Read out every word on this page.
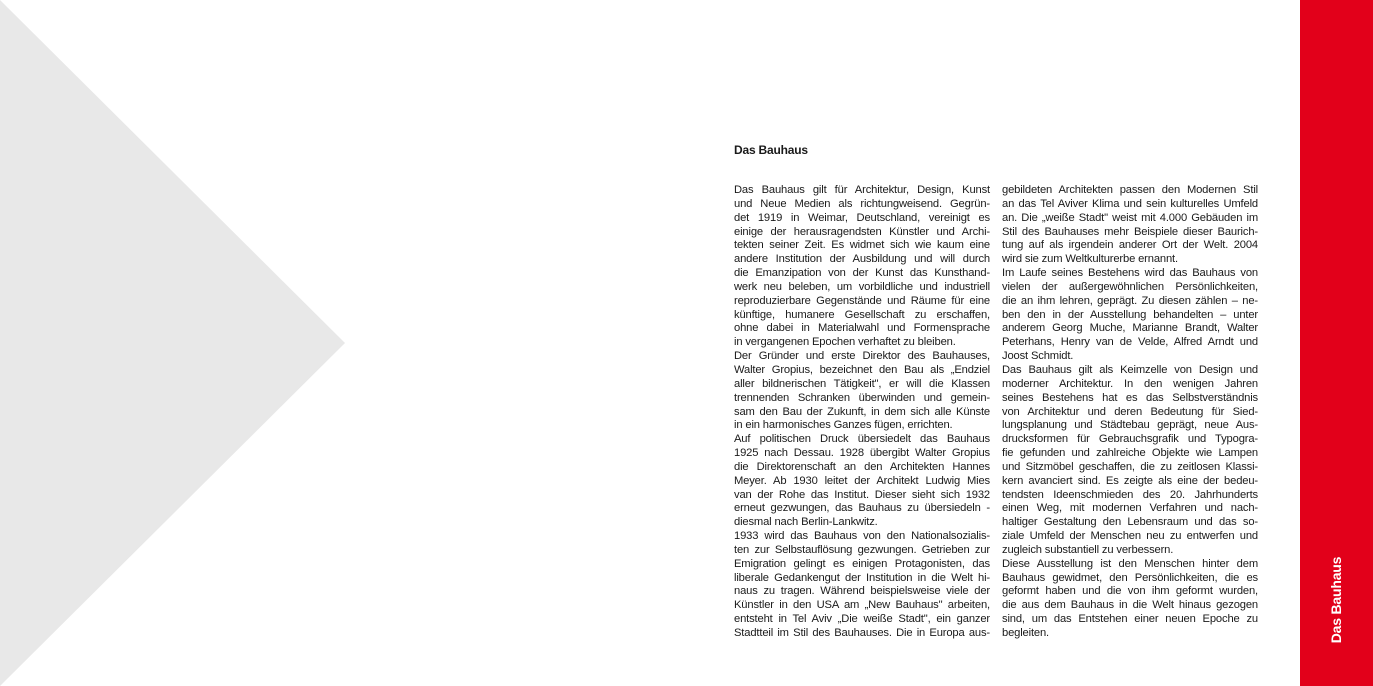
Das Bauhaus
Das Bauhaus gilt für Architektur, Design, Kunst
und Neue Medien als richtungweisend. Gegrün-
det 1919 in Weimar, Deutschland, vereinigt es
einige der herausragendsten Künstler und Archi-
tekten seiner Zeit. Es widmet sich wie kaum eine
andere Institution der Ausbildung und will durch
die Emanzipation von der Kunst das Kunsthand-
werk neu beleben, um vorbildliche und industriell
reproduzierbare Gegenstände und Räume für eine
künftige, humanere Gesellschaft zu erschaffen,
ohne dabei in Materialwahl und Formensprache
in vergangenen Epochen verhaftet zu bleiben.
Der Gründer und erste Direktor des Bauhauses,
Walter Gropius, bezeichnet den Bau als „Endziel
aller bildnerischen Tätigkeit", er will die Klassen
trennenden Schranken überwinden und gemein-
sam den Bau der Zukunft, in dem sich alle Künste
in ein harmonisches Ganzes fügen, errichten.
Auf politischen Druck übersiedelt das Bauhaus
1925 nach Dessau. 1928 übergibt Walter Gropius
die Direktorenschaft an den Architekten Hannes
Meyer. Ab 1930 leitet der Architekt Ludwig Mies
van der Rohe das Institut. Dieser sieht sich 1932
erneut gezwungen, das Bauhaus zu übersiedeln -
diesmal nach Berlin-Lankwitz.
1933 wird das Bauhaus von den Nationalsozialis-
ten zur Selbstauflösung gezwungen. Getrieben zur
Emigration gelingt es einigen Protagonisten, das
liberale Gedankengut der Institution in die Welt hi-
naus zu tragen. Während beispielsweise viele der
Künstler in den USA am „New Bauhaus" arbeiten,
entsteht in Tel Aviv „Die weiße Stadt", ein ganzer
Stadtteil im Stil des Bauhauses. Die in Europa aus-
gebildeten Architekten passen den Modernen Stil
an das Tel Aviver Klima und sein kulturelles Umfeld
an. Die „weiße Stadt" weist mit 4.000 Gebäuden im
Stil des Bauhauses mehr Beispiele dieser Baurich-
tung auf als irgendein anderer Ort der Welt. 2004
wird sie zum Weltkulturerbe ernannt.
Im Laufe seines Bestehens wird das Bauhaus von
vielen der außergewöhnlichen Persönlichkeiten,
die an ihm lehren, geprägt. Zu diesen zählen – ne-
ben den in der Ausstellung behandelten – unter
anderem Georg Muche, Marianne Brandt, Walter
Peterhans, Henry van de Velde, Alfred Arndt und
Joost Schmidt.
Das Bauhaus gilt als Keimzelle von Design und
moderner Architektur. In den wenigen Jahren
seines Bestehens hat es das Selbstverständnis
von Architektur und deren Bedeutung für Sied-
lungsplanung und Städtebau geprägt, neue Aus-
drucksformen für Gebrauchsgrafik und Typogra-
fie gefunden und zahlreiche Objekte wie Lampen
und Sitzmöbel geschaffen, die zu zeitlosen Klassi-
kern avanciert sind. Es zeigte als eine der bedeu-
tendsten Ideenschmieden des 20. Jahrhunderts
einen Weg, mit modernen Verfahren und nach-
haltiger Gestaltung den Lebensraum und das so-
ziale Umfeld der Menschen neu zu entwerfen und
zugleich substantiell zu verbessern.
Diese Ausstellung ist den Menschen hinter dem
Bauhaus gewidmet, den Persönlichkeiten, die es
geformt haben und die von ihm geformt wurden,
die aus dem Bauhaus in die Welt hinaus gezogen
sind, um das Entstehen einer neuen Epoche zu
begleiten.	Das Bauhaus
